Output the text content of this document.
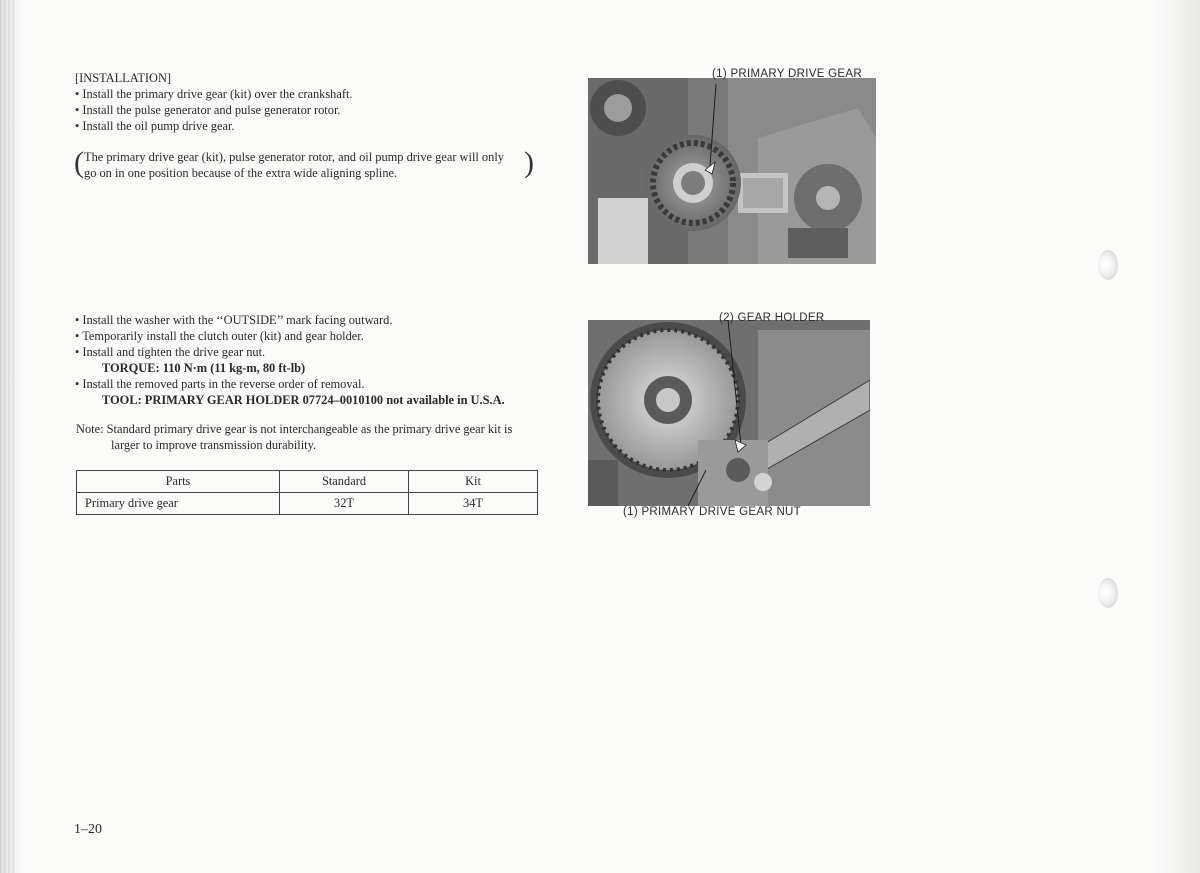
[INSTALLATION]

• Install the primary drive gear (kit) over the crankshaft.

• Install the pulse generator and pulse generator rotor.

• Install the oil pump drive gear.

( The primary drive gear (kit), pulse generator rotor, and oil pump drive gear will only

go on in one position because of the extra wide aligning spline.	)

• Install the washer with the ‘‘OUTSIDE’’ mark facing outward.

• Temporarily install the clutch outer (kit) and gear holder.

• Install and tighten the drive gear nut.

TORQUE: 110 N·m (11 kg-m, 80 ft-lb)

• Install the removed parts in the reverse order of removal.

TOOL: PRIMARY GEAR HOLDER 07724–0010100 not available in U.S.A.

Note: Standard primary drive gear is not interchangeable as the primary drive gear kit is

larger to improve transmission durability.

Parts	Standard	Kit
Primary drive gear	32T	34T
(1) PRIMARY DRIVE GEAR
(2) GEAR HOLDER
(1) PRIMARY DRIVE GEAR NUT
1–20
